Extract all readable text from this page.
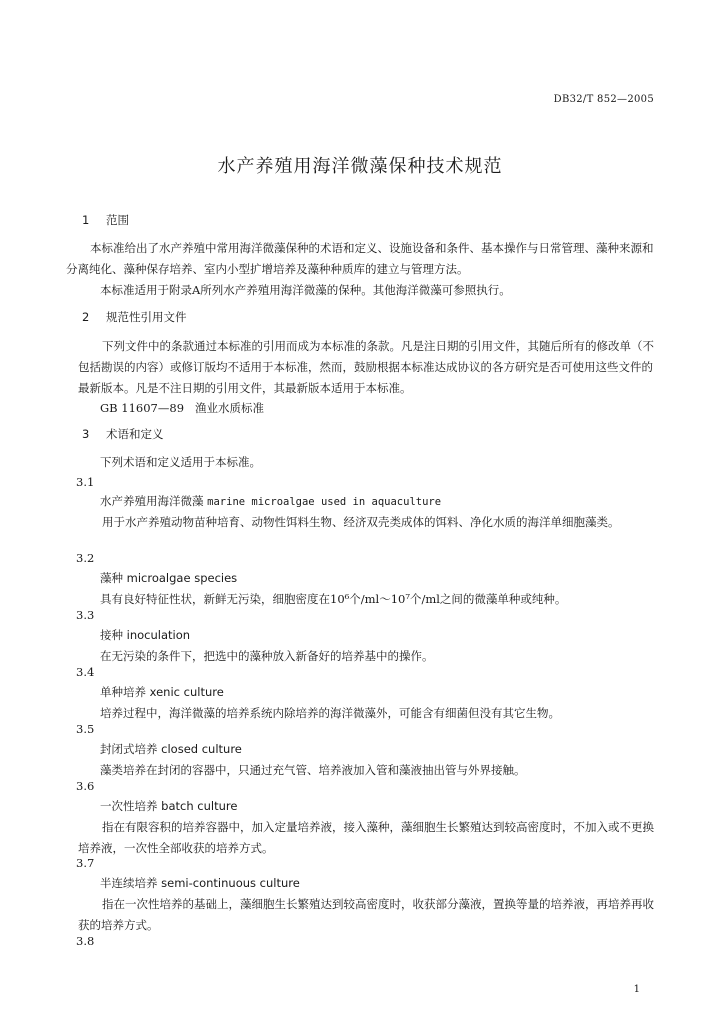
DB32/T 852—2005
水产养殖用海洋微藻保种技术规范
1 范围
本标准给出了水产养殖中常用海洋微藻保种的术语和定义、设施设备和条件、基本操作与日常管理、藻种来源和分离纯化、藻种保存培养、室内小型扩增培养及藻种种质库的建立与管理方法。
本标准适用于附录A所列水产养殖用海洋微藻的保种。其他海洋微藻可参照执行。
2 规范性引用文件
下列文件中的条款通过本标准的引用而成为本标准的条款。凡是注日期的引用文件，其随后所有的修改单（不包括勘误的内容）或修订版均不适用于本标准，然而，鼓励根据本标准达成协议的各方研究是否可使用这些文件的最新版本。凡是不注日期的引用文件，其最新版本适用于本标准。
GB 11607—89 渔业水质标准
3 术语和定义
下列术语和定义适用于本标准。
3.1
水产养殖用海洋微藻 marine microalgae used in aquaculture
用于水产养殖动物苗种培育、动物性饵料生物、经济双壳类成体的饵料、净化水质的海洋单细胞藻类。
3.2
藻种 microalgae species
具有良好特征性状，新鲜无污染，细胞密度在10⁶个/ml～10⁷个/ml之间的微藻单种或纯种。
3.3
接种 inoculation
在无污染的条件下，把选中的藻种放入新备好的培养基中的操作。
3.4
单种培养 xenic culture
培养过程中，海洋微藻的培养系统内除培养的海洋微藻外，可能含有细菌但没有其它生物。
3.5
封闭式培养 closed culture
藻类培养在封闭的容器中，只通过充气管、培养液加入管和藻液抽出管与外界接触。
3.6
一次性培养 batch culture
指在有限容积的培养容器中，加入定量培养液，接入藻种，藻细胞生长繁殖达到较高密度时，不加入或不更换培养液，一次性全部收获的培养方式。
3.7
半连续培养 semi-continuous culture
指在一次性培养的基础上，藻细胞生长繁殖达到较高密度时，收获部分藻液，置换等量的培养液，再培养再收获的培养方式。
3.8
1
